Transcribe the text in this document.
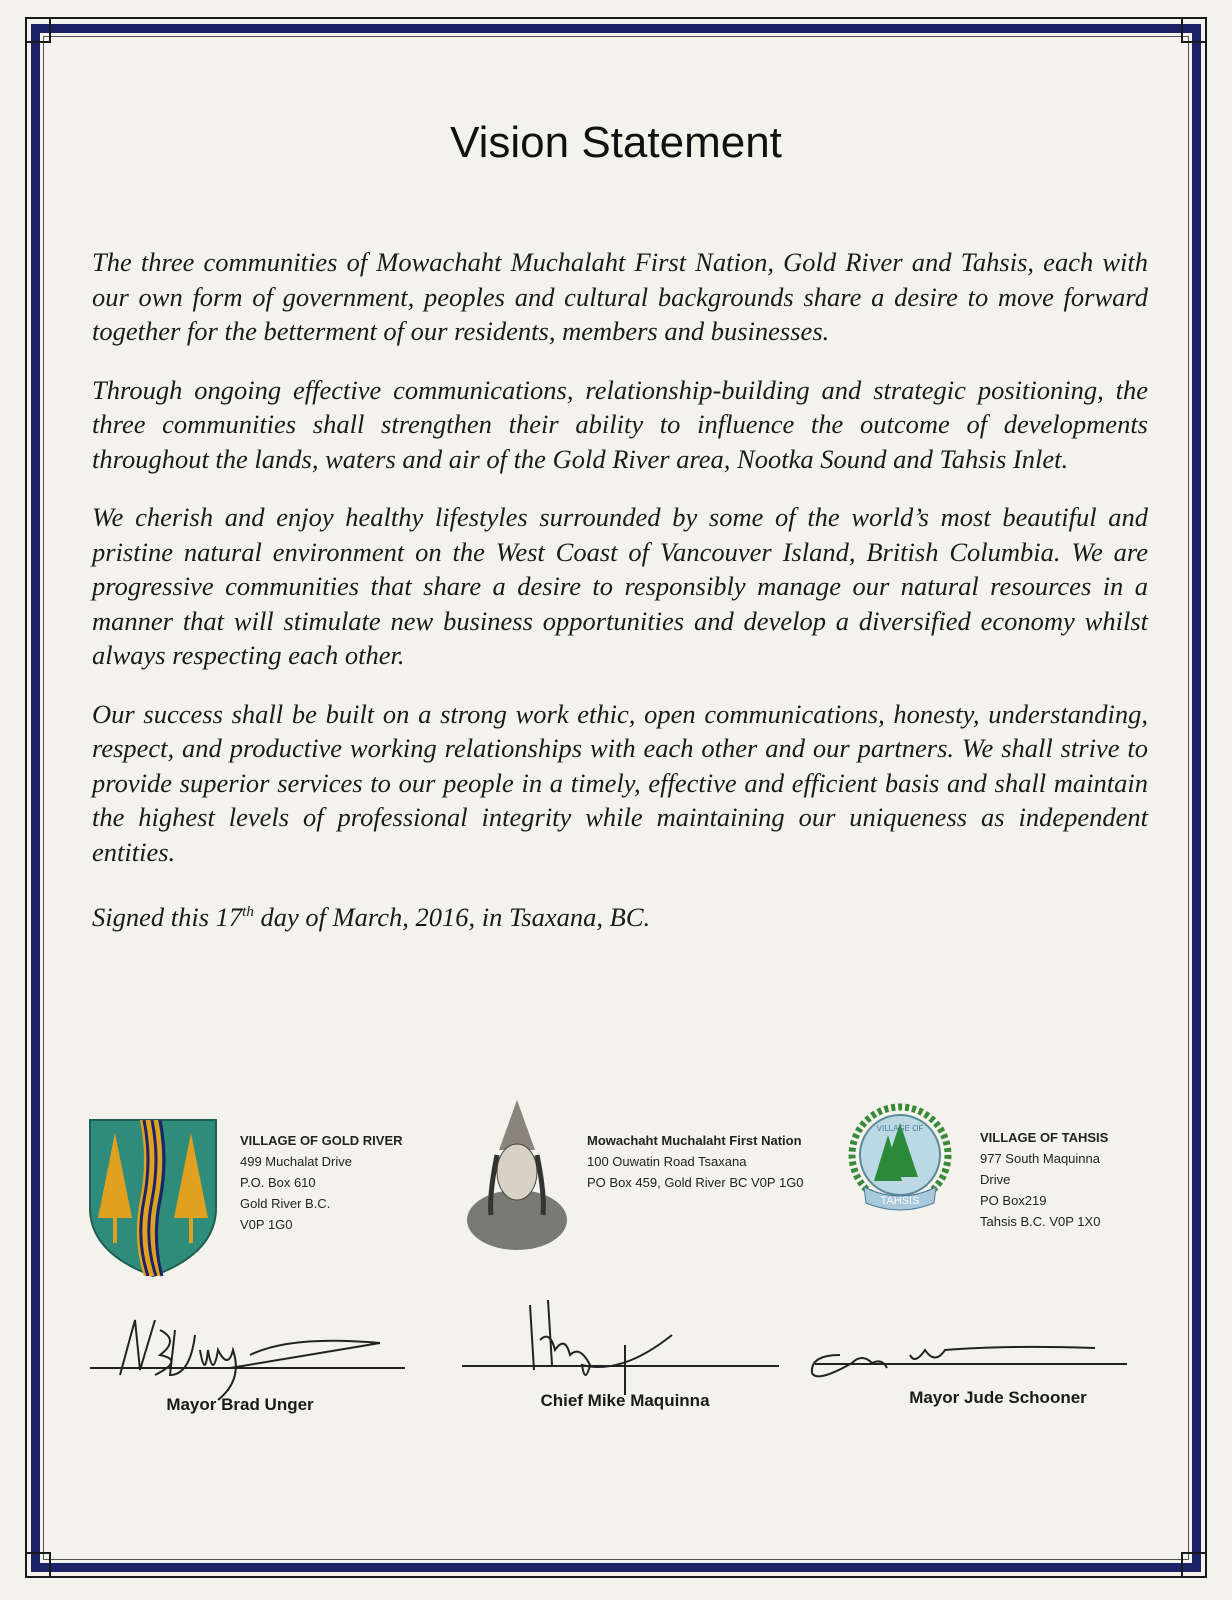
Vision Statement

The three communities of Mowachaht Muchalaht First Nation, Gold River and Tahsis, each with our own form of government, peoples and cultural backgrounds share a desire to move forward together for the betterment of our residents, members and businesses.

Through ongoing effective communications, relationship-building and strategic positioning, the three communities shall strengthen their ability to influence the outcome of developments throughout the lands, waters and air of the Gold River area, Nootka Sound and Tahsis Inlet.

We cherish and enjoy healthy lifestyles surrounded by some of the world’s most beautiful and pristine natural environment on the West Coast of Vancouver Island, British Columbia. We are progressive communities that share a desire to responsibly manage our natural resources in a manner that will stimulate new business opportunities and develop a diversified economy whilst always respecting each other.

Our success shall be built on a strong work ethic, open communications, honesty, understanding, respect, and productive working relationships with each other and our partners. We shall strive to provide superior services to our people in a timely, effective and efficient basis and shall maintain the highest levels of professional integrity while maintaining our uniqueness as independent entities.

Signed this 17th day of March, 2016, in Tsaxana, BC.

VILLAGE OF GOLD RIVER
499 Muchalat Drive
P.O. Box 610
Gold River B.C.
V0P 1G0
Mowachaht Muchalaht First Nation
100 Ouwatin Road Tsaxana
PO Box 459, Gold River BC V0P 1G0
TAHSIS
VILLAGE OF
VILLAGE OF TAHSIS
977 South Maquinna
Drive
PO Box219
Tahsis B.C. V0P 1X0
Mayor Brad Unger	Chief Mike Maquinna	Mayor Jude Schooner
